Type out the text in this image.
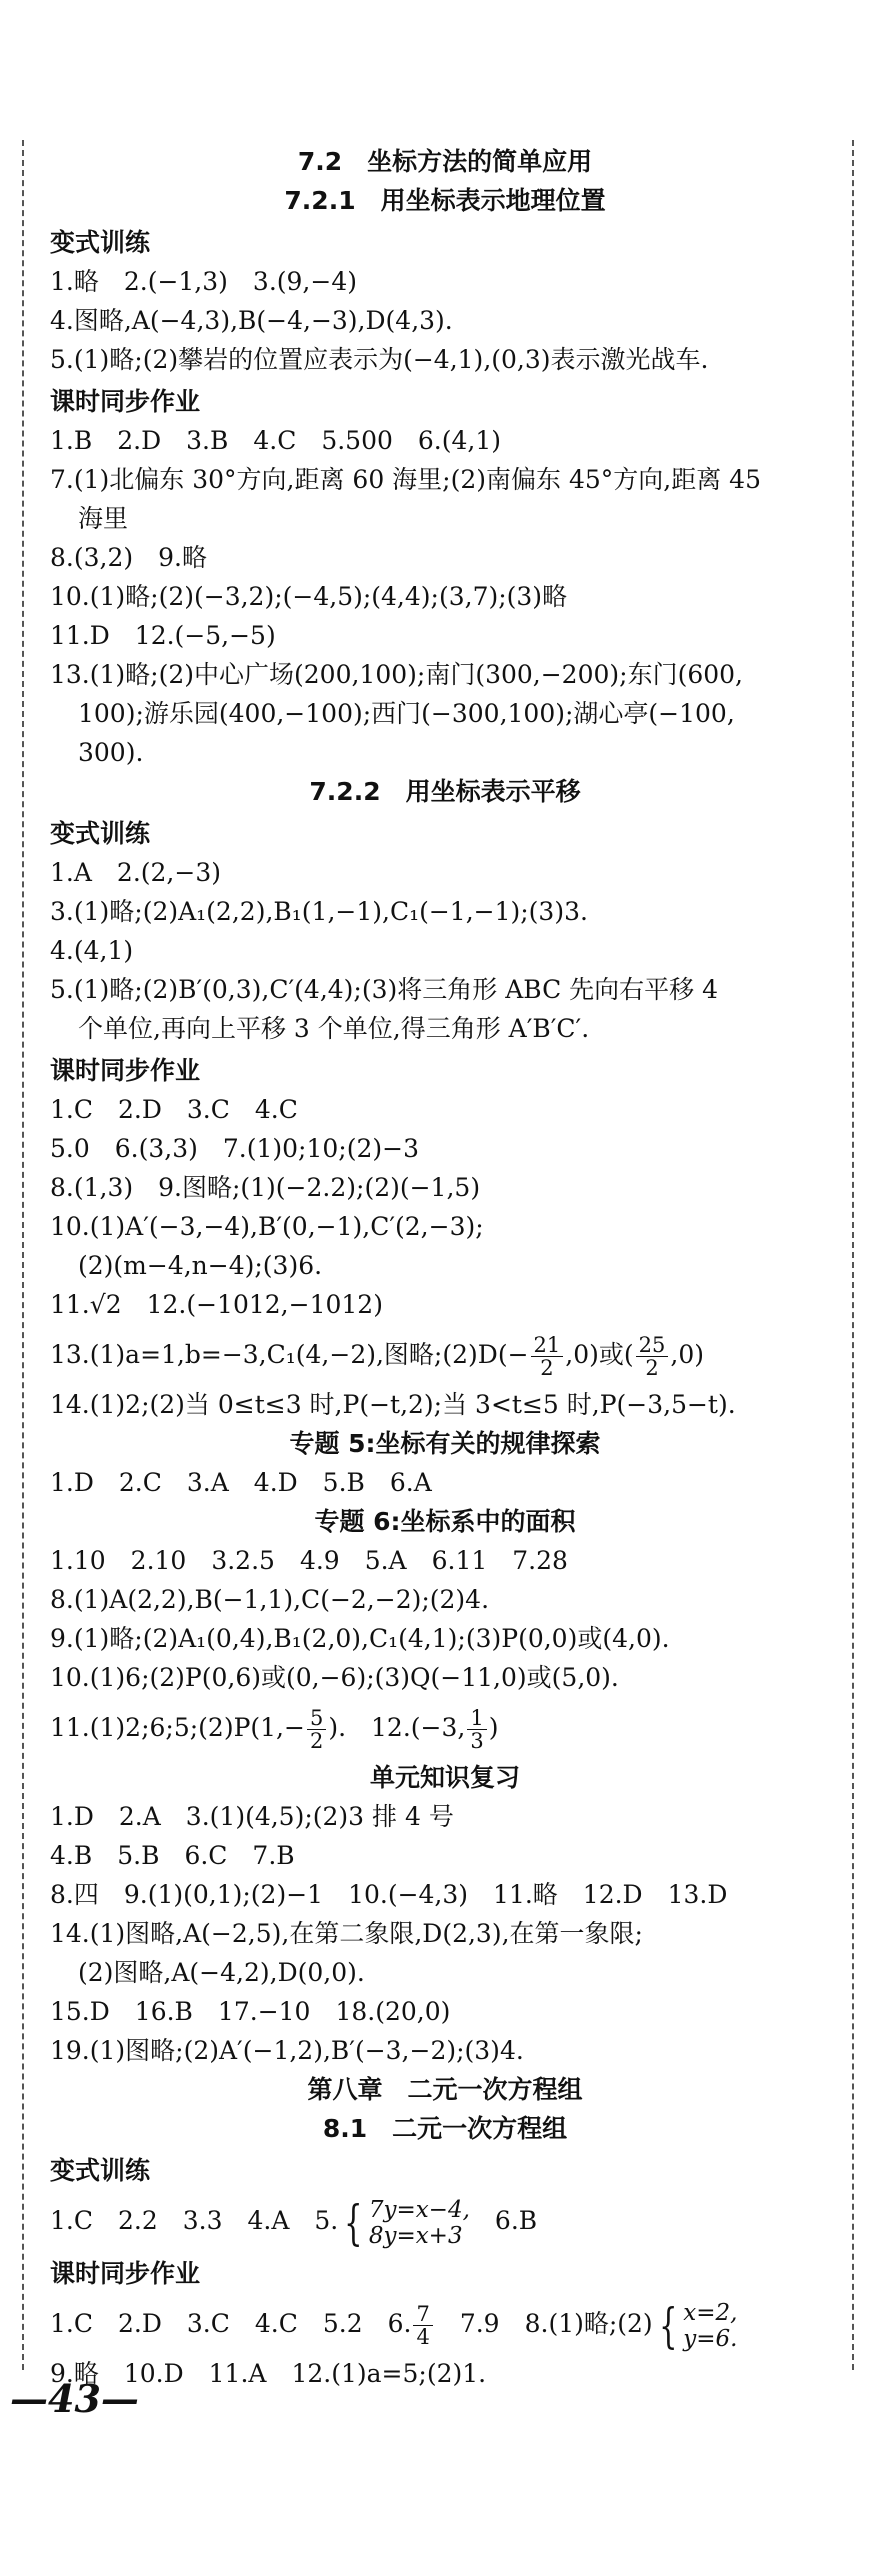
7.2　坐标方法的简单应用
7.2.1　用坐标表示地理位置
变式训练
1.略　2.(−1,3)　3.(9,−4)
4.图略,A(−4,3),B(−4,−3),D(4,3).
5.(1)略;(2)攀岩的位置应表示为(−4,1),(0,3)表示激光战车.
课时同步作业
1.B　2.D　3.B　4.C　5.500　6.(4,1)
7.(1)北偏东 30°方向,距离 60 海里;(2)南偏东 45°方向,距离 45
海里
8.(3,2)　9.略
10.(1)略;(2)(−3,2);(−4,5);(4,4);(3,7);(3)略
11.D　12.(−5,−5)
13.(1)略;(2)中心广场(200,100);南门(300,−200);东门(600,
100);游乐园(400,−100);西门(−300,100);湖心亭(−100,
300).
7.2.2　用坐标表示平移
变式训练
1.A　2.(2,−3)
3.(1)略;(2)A₁(2,2),B₁(1,−1),C₁(−1,−1);(3)3.
4.(4,1)
5.(1)略;(2)B′(0,3),C′(4,4);(3)将三角形 ABC 先向右平移 4
个单位,再向上平移 3 个单位,得三角形 A′B′C′.
课时同步作业
1.C　2.D　3.C　4.C
5.0　6.(3,3)　7.(1)0;10;(2)−3
8.(1,3)　9.图略;(1)(−2.2);(2)(−1,5)
10.(1)A′(−3,−4),B′(0,−1),C′(2,−3);
(2)(m−4,n−4);(3)6.
11.√2　12.(−1012,−1012)
13.(1)a=1,b=−3,C₁(4,−2),图略;(2)D(− $\frac{21}{2} ,0$)或( $\frac{25}{2} ,0$)
14.(1)2;(2)当 0≤t≤3 时,P(−t,2);当 3<t≤5 时,P(−3,5−t).
专题 5:坐标有关的规律探索
1.D　2.C　3.A　4.D　5.B　6.A
专题 6:坐标系中的面积
1.10　2.10　3.2.5　4.9　5.A　6.11　7.28
8.(1)A(2,2),B(−1,1),C(−2,−2);(2)4.
9.(1)略;(2)A₁(0,4),B₁(2,0),C₁(4,1);(3)P(0,0)或(4,0).
10.(1)6;(2)P(0,6)或(0,−6);(3)Q(−11,0)或(5,0).
11.(1)2;6;5;(2)P(1,− $\frac{5}{2}$ ).　12.(−3, $\frac{1}{3}$ )
单元知识复习
1.D　2.A　3.(1)(4,5);(2)3 排 4 号
4.B　5.B　6.C　7.B
8.四　9.(1)(0,1);(2)−1　10.(−4,3)　11.略　12.D　13.D
14.(1)图略,A(−2,5),在第二象限,D(2,3),在第一象限;
(2)图略,A(−4,2),D(0,0).
15.D　16.B　17.−10　18.(20,0)
19.(1)图略;(2)A′(−1,2),B′(−3,−2);(3)4.
第八章　二元一次方程组
8.1　二元一次方程组
变式训练
1.C　2.2　3.3　4.A　5. { 7y=x−4,
8y=x+3
　6.B
课时同步作业
1.C　2.D　3.C　4.C　5.2　6. $\frac{7}{4}$ 　7.9　8.(1)略;(2) { x=2,
y=6.
9.略　10.D　11.A　12.(1)a=5;(2)1.
—43—
